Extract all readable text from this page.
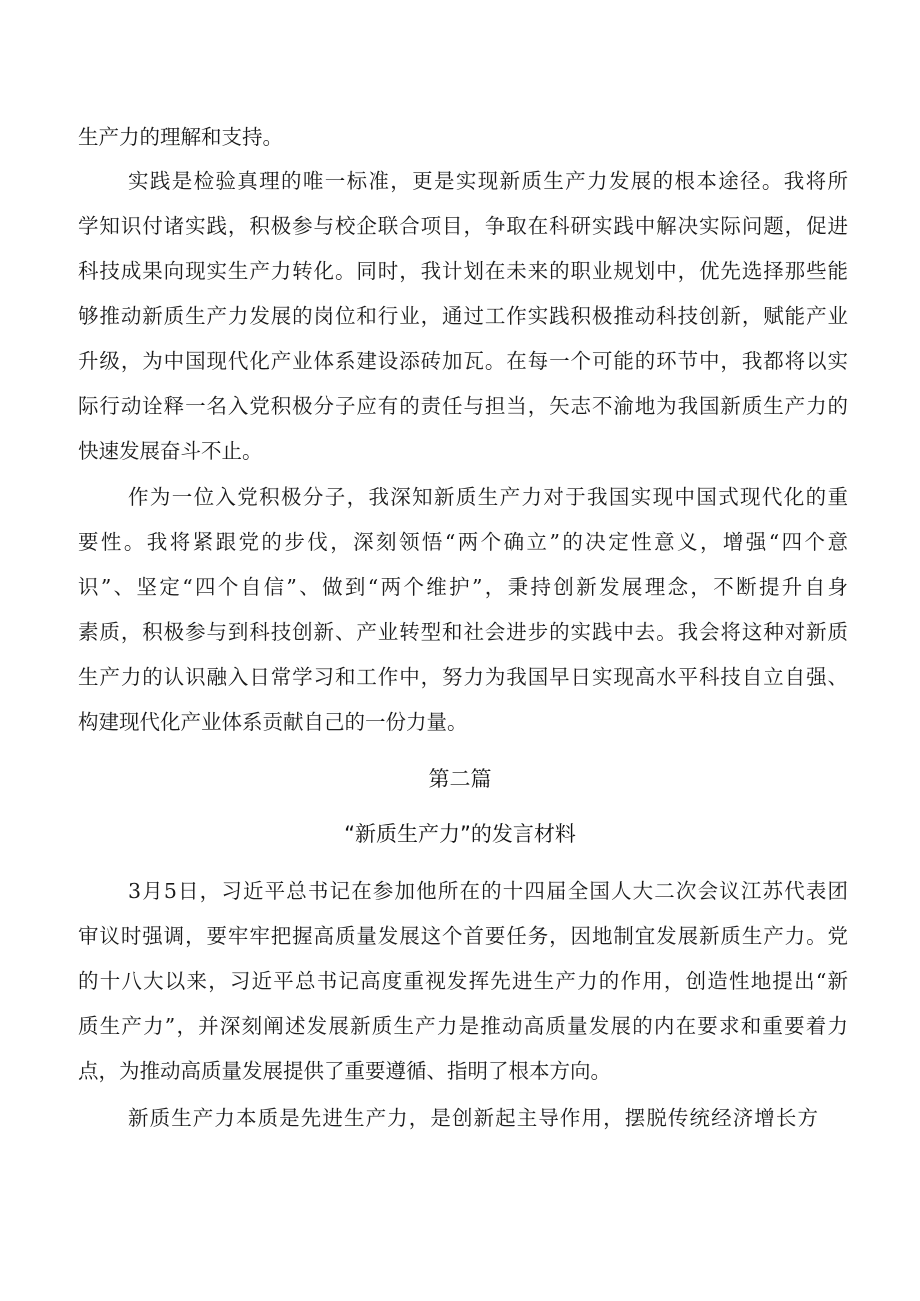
生产力的理解和支持。
实践是检验真理的唯一标准，更是实现新质生产力发展的根本途径。我将所
学知识付诸实践，积极参与校企联合项目，争取在科研实践中解决实际问题，促进
科技成果向现实生产力转化。同时，我计划在未来的职业规划中，优先选择那些能
够推动新质生产力发展的岗位和行业，通过工作实践积极推动科技创新，赋能产业
升级，为中国现代化产业体系建设添砖加瓦。在每一个可能的环节中，我都将以实
际行动诠释一名入党积极分子应有的责任与担当，矢志不渝地为我国新质生产力的
快速发展奋斗不止。
作为一位入党积极分子，我深知新质生产力对于我国实现中国式现代化的重
要性。我将紧跟党的步伐，深刻领悟“两个确立”的决定性意义，增强“四个意
识”、坚定“四个自信”、做到“两个维护”，秉持创新发展理念，不断提升自身
素质，积极参与到科技创新、产业转型和社会进步的实践中去。我会将这种对新质
生产力的认识融入日常学习和工作中，努力为我国早日实现高水平科技自立自强、
构建现代化产业体系贡献自己的一份力量。
第二篇
“新质生产力”的发言材料
3月5日，习近平总书记在参加他所在的十四届全国人大二次会议江苏代表团
审议时强调，要牢牢把握高质量发展这个首要任务，因地制宜发展新质生产力。党
的十八大以来，习近平总书记高度重视发挥先进生产力的作用，创造性地提出“新
质生产力”，并深刻阐述发展新质生产力是推动高质量发展的内在要求和重要着力
点，为推动高质量发展提供了重要遵循、指明了根本方向。
新质生产力本质是先进生产力，是创新起主导作用，摆脱传统经济增长方
